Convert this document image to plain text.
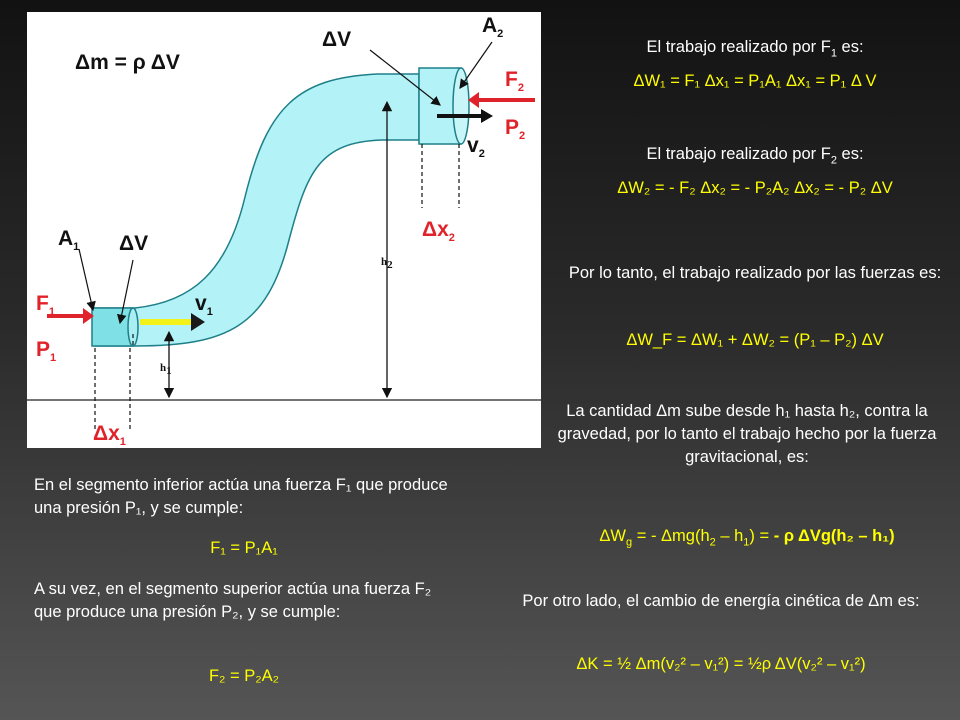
Δm = ρ ΔV
ΔV
$A_2$
$F_2$
$P_2$
$v_2$
$\Delta x_2$
$A_1$ ΔV
$v_1$
$F_1$
$P_1$
$\Delta x_1$
$h_1$
$h_2$
El trabajo realizado por $F_1$ es:
ΔW₁ = F₁ Δx₁ = P₁A₁ Δx₁ = P₁ Δ V
El trabajo realizado por $F_2$ es:
ΔW₂ = - F₂ Δx₂ = - P₂A₂ Δx₂ = - P₂ ΔV
Por lo tanto, el trabajo realizado por las fuerzas es:
ΔW_F = ΔW₁ + ΔW₂ = (P₁ – P₂) ΔV
La cantidad Δm sube desde h₁ hasta h₂, contra la gravedad, por lo tanto el trabajo hecho por la fuerza gravitacional, es:
$\Delta W_g$ = - $\Delta mg(h_2 - h_1)$ = - ρ ΔVg(h₂ – h₁)
Por otro lado, el cambio de energía cinética de Δm es:
ΔK = ½ Δm(v₂² – v₁²) = ½ρ ΔV(v₂² – v₁²)
En el segmento inferior actúa una fuerza F₁ que produce una presión P₁, y se cumple:
F₁ = P₁A₁
A su vez, en el segmento superior actúa una fuerza F₂ que produce una presión P₂, y se cumple:
F₂ = P₂A₂
